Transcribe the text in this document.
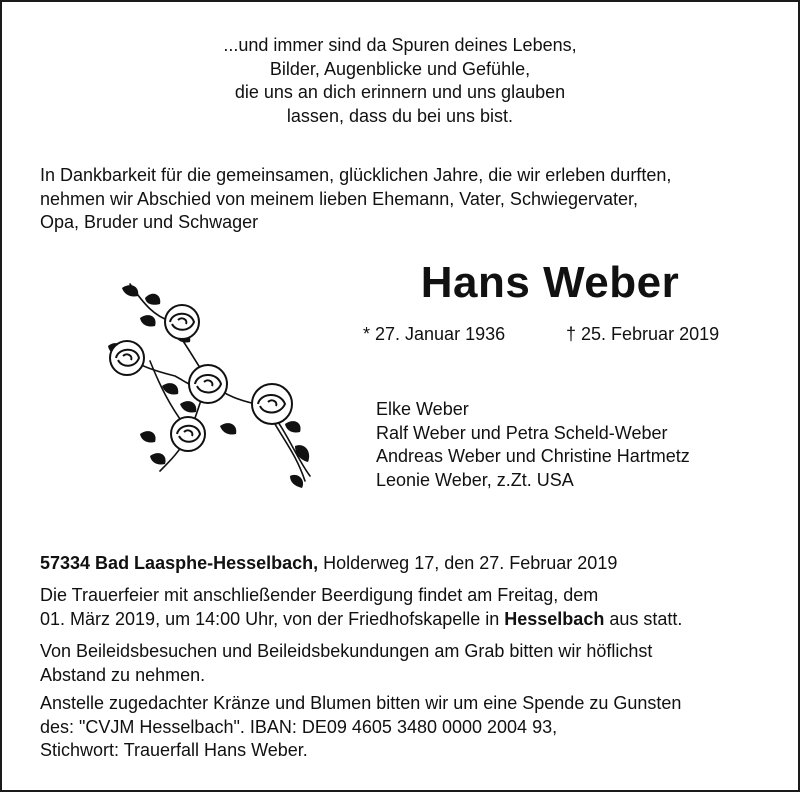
...und immer sind da Spuren deines Lebens,
Bilder, Augenblicke und Gefühle,
die uns an dich erinnern und uns glauben
lassen, dass du bei uns bist.
In Dankbarkeit für die gemeinsamen, glücklichen Jahre, die wir erleben durften,
nehmen wir Abschied von meinem lieben Ehemann, Vater, Schwiegervater,
Opa, Bruder und Schwager
Hans Weber
* 27. Januar 1936	† 25. Februar 2019
Elke Weber
Ralf Weber und Petra Scheld-Weber
Andreas Weber und Christine Hartmetz
Leonie Weber, z.Zt. USA
57334 Bad Laasphe-Hesselbach, Holderweg 17, den 27. Februar 2019
Die Trauerfeier mit anschließender Beerdigung findet am Freitag, dem
01. März 2019, um 14:00 Uhr, von der Friedhofskapelle in Hesselbach aus statt.
Von Beileidsbesuchen und Beileidsbekundungen am Grab bitten wir höflichst
Abstand zu nehmen.
Anstelle zugedachter Kränze und Blumen bitten wir um eine Spende zu Gunsten
des: "CVJM Hesselbach". IBAN: DE09 4605 3480 0000 2004 93,
Stichwort: Trauerfall Hans Weber.
